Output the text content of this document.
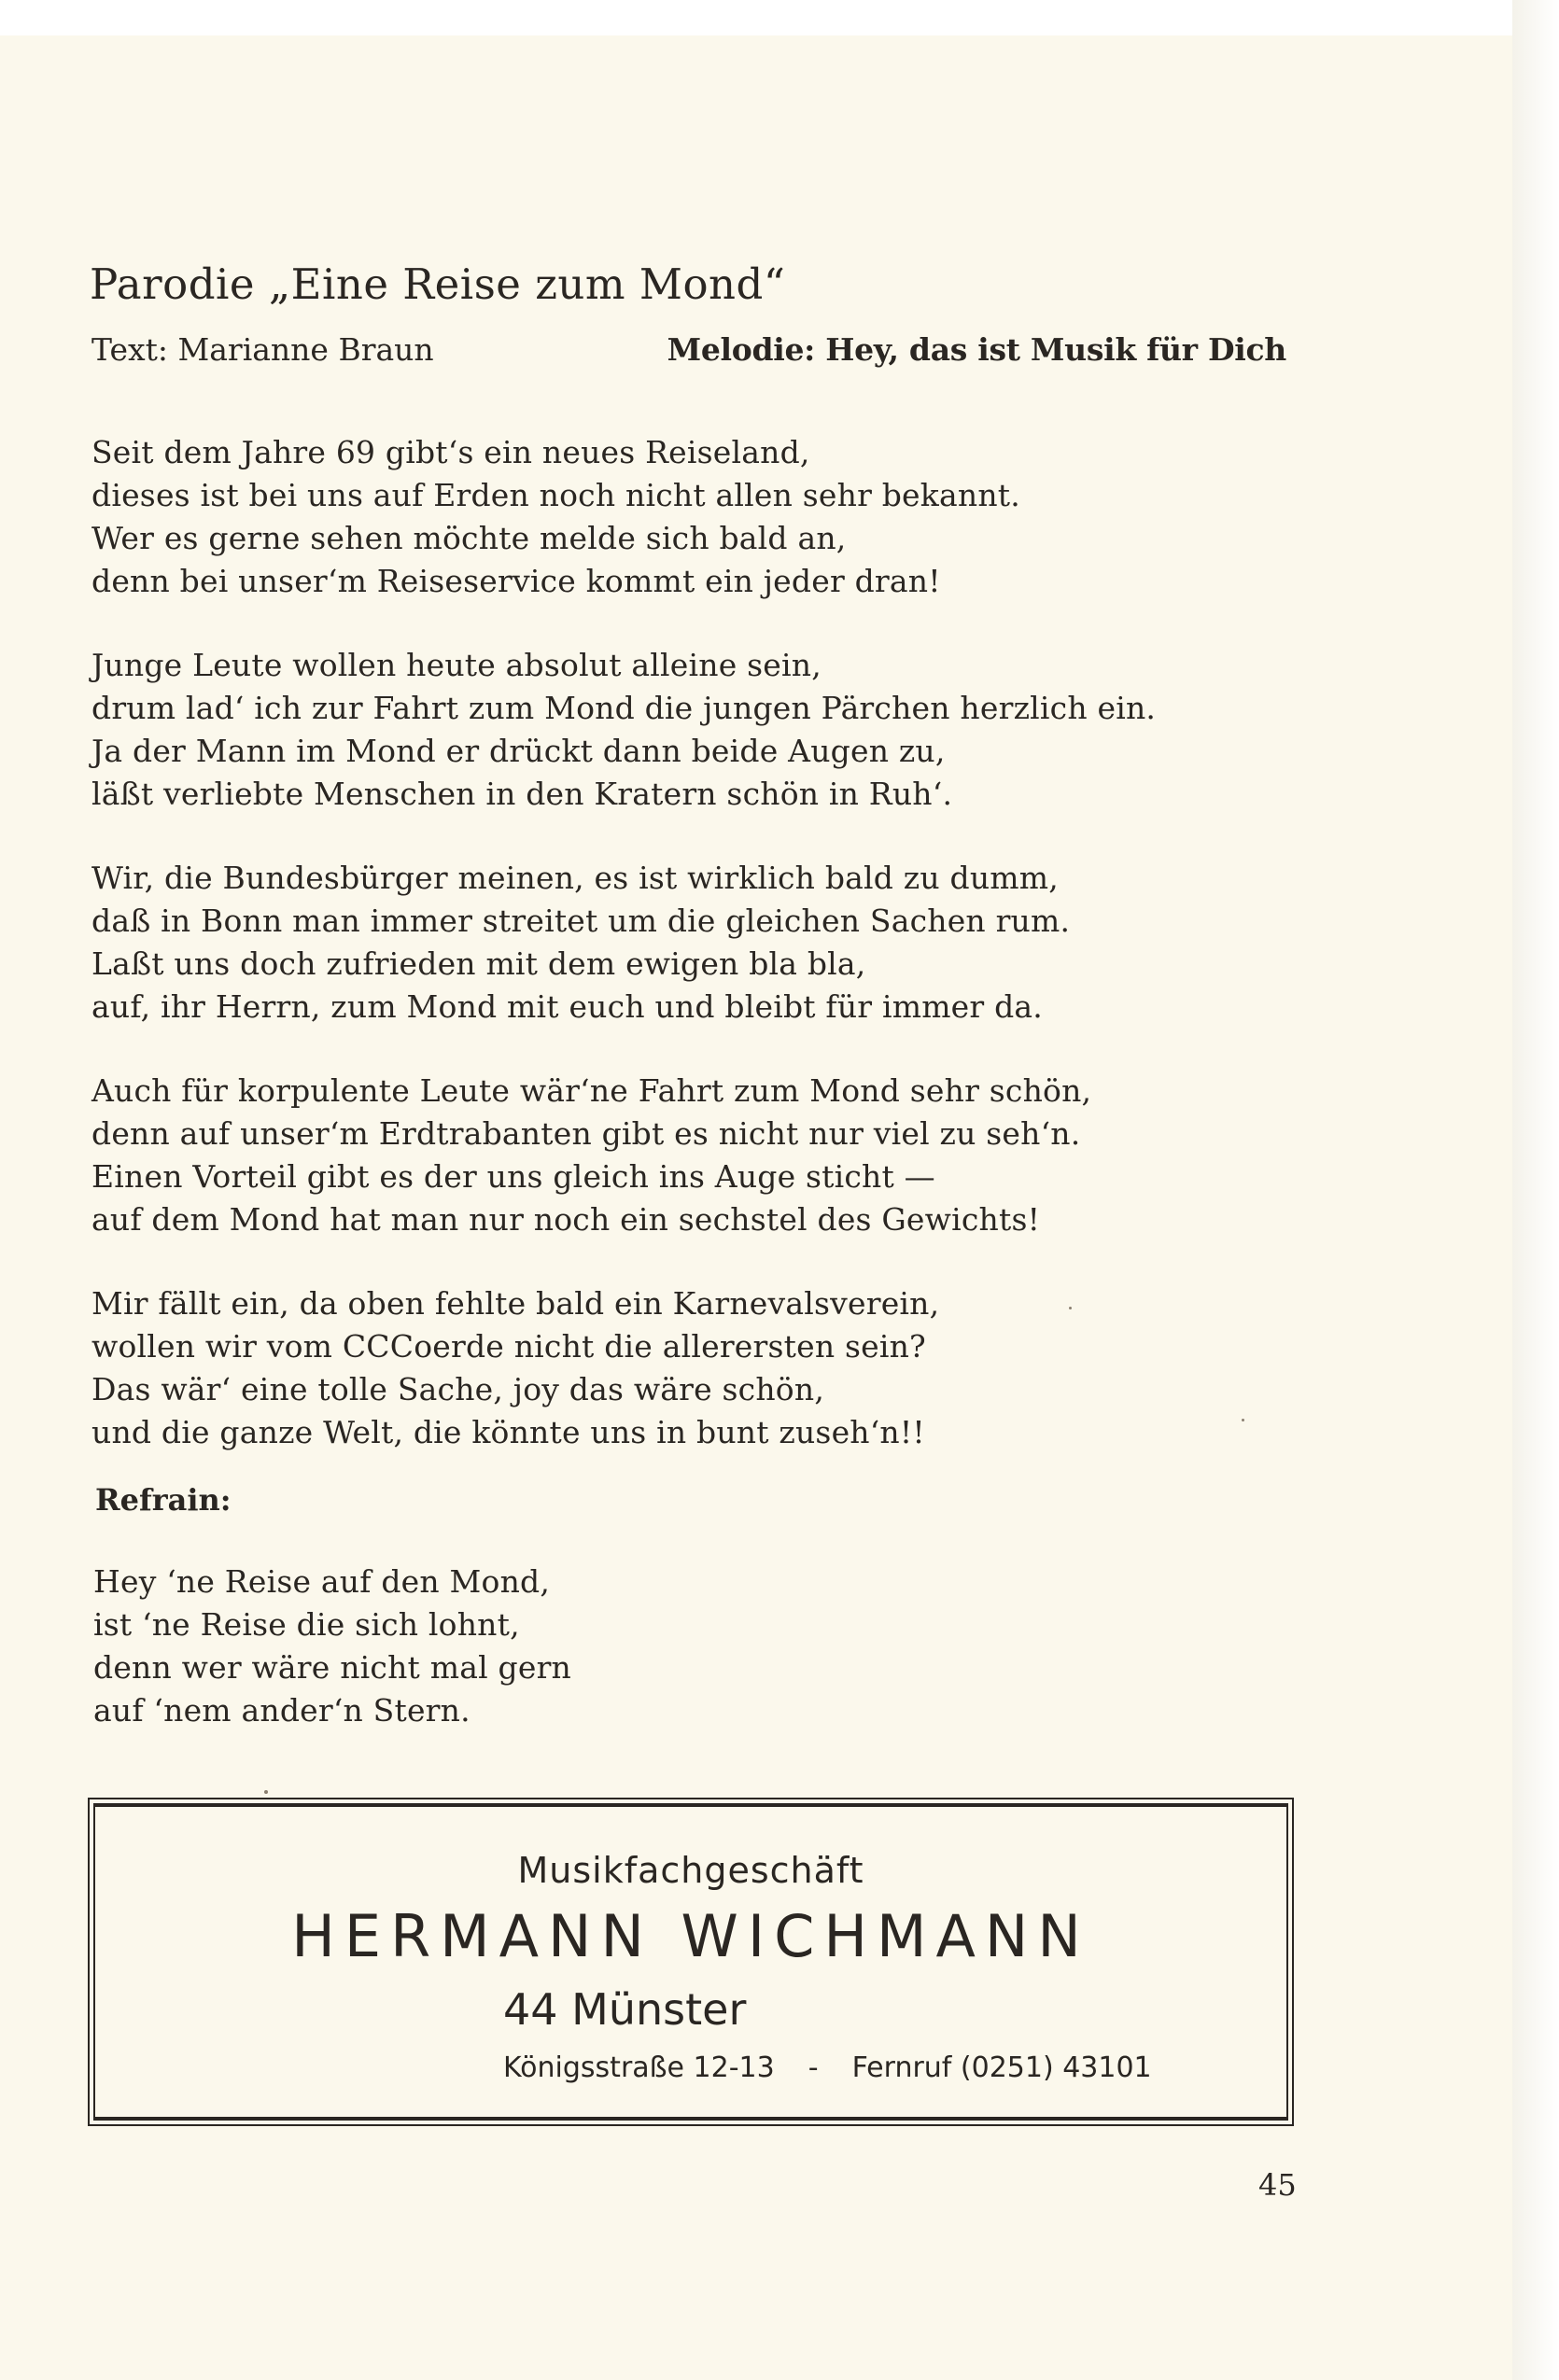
Parodie „Eine Reise zum Mond“
Text: Marianne Braun	Melodie: Hey, das ist Musik für Dich
Seit dem Jahre 69 gibt‘s ein neues Reiseland,
dieses ist bei uns auf Erden noch nicht allen sehr bekannt.
Wer es gerne sehen möchte melde sich bald an,
denn bei unser‘m Reiseservice kommt ein jeder dran!
Junge Leute wollen heute absolut alleine sein,
drum lad‘ ich zur Fahrt zum Mond die jungen Pärchen herzlich ein.
Ja der Mann im Mond er drückt dann beide Augen zu,
läßt verliebte Menschen in den Kratern schön in Ruh‘.
Wir, die Bundesbürger meinen, es ist wirklich bald zu dumm,
daß in Bonn man immer streitet um die gleichen Sachen rum.
Laßt uns doch zufrieden mit dem ewigen bla bla,
auf, ihr Herrn, zum Mond mit euch und bleibt für immer da.
Auch für korpulente Leute wär‘ne Fahrt zum Mond sehr schön,
denn auf unser‘m Erdtrabanten gibt es nicht nur viel zu seh‘n.
Einen Vorteil gibt es der uns gleich ins Auge sticht —
auf dem Mond hat man nur noch ein sechstel des Gewichts!
Mir fällt ein, da oben fehlte bald ein Karnevalsverein,
wollen wir vom CCCoerde nicht die allerersten sein?
Das wär‘ eine tolle Sache, joy das wäre schön,
und die ganze Welt, die könnte uns in bunt zuseh‘n!!
Refrain:
Hey ‘ne Reise auf den Mond,
ist ‘ne Reise die sich lohnt,
denn wer wäre nicht mal gern
auf ‘nem ander‘n Stern.
Musikfachgeschäft
HERMANN WICHMANN
44 Münster
Königsstraße 12-13 - Fernruf (0251) 43101
45
